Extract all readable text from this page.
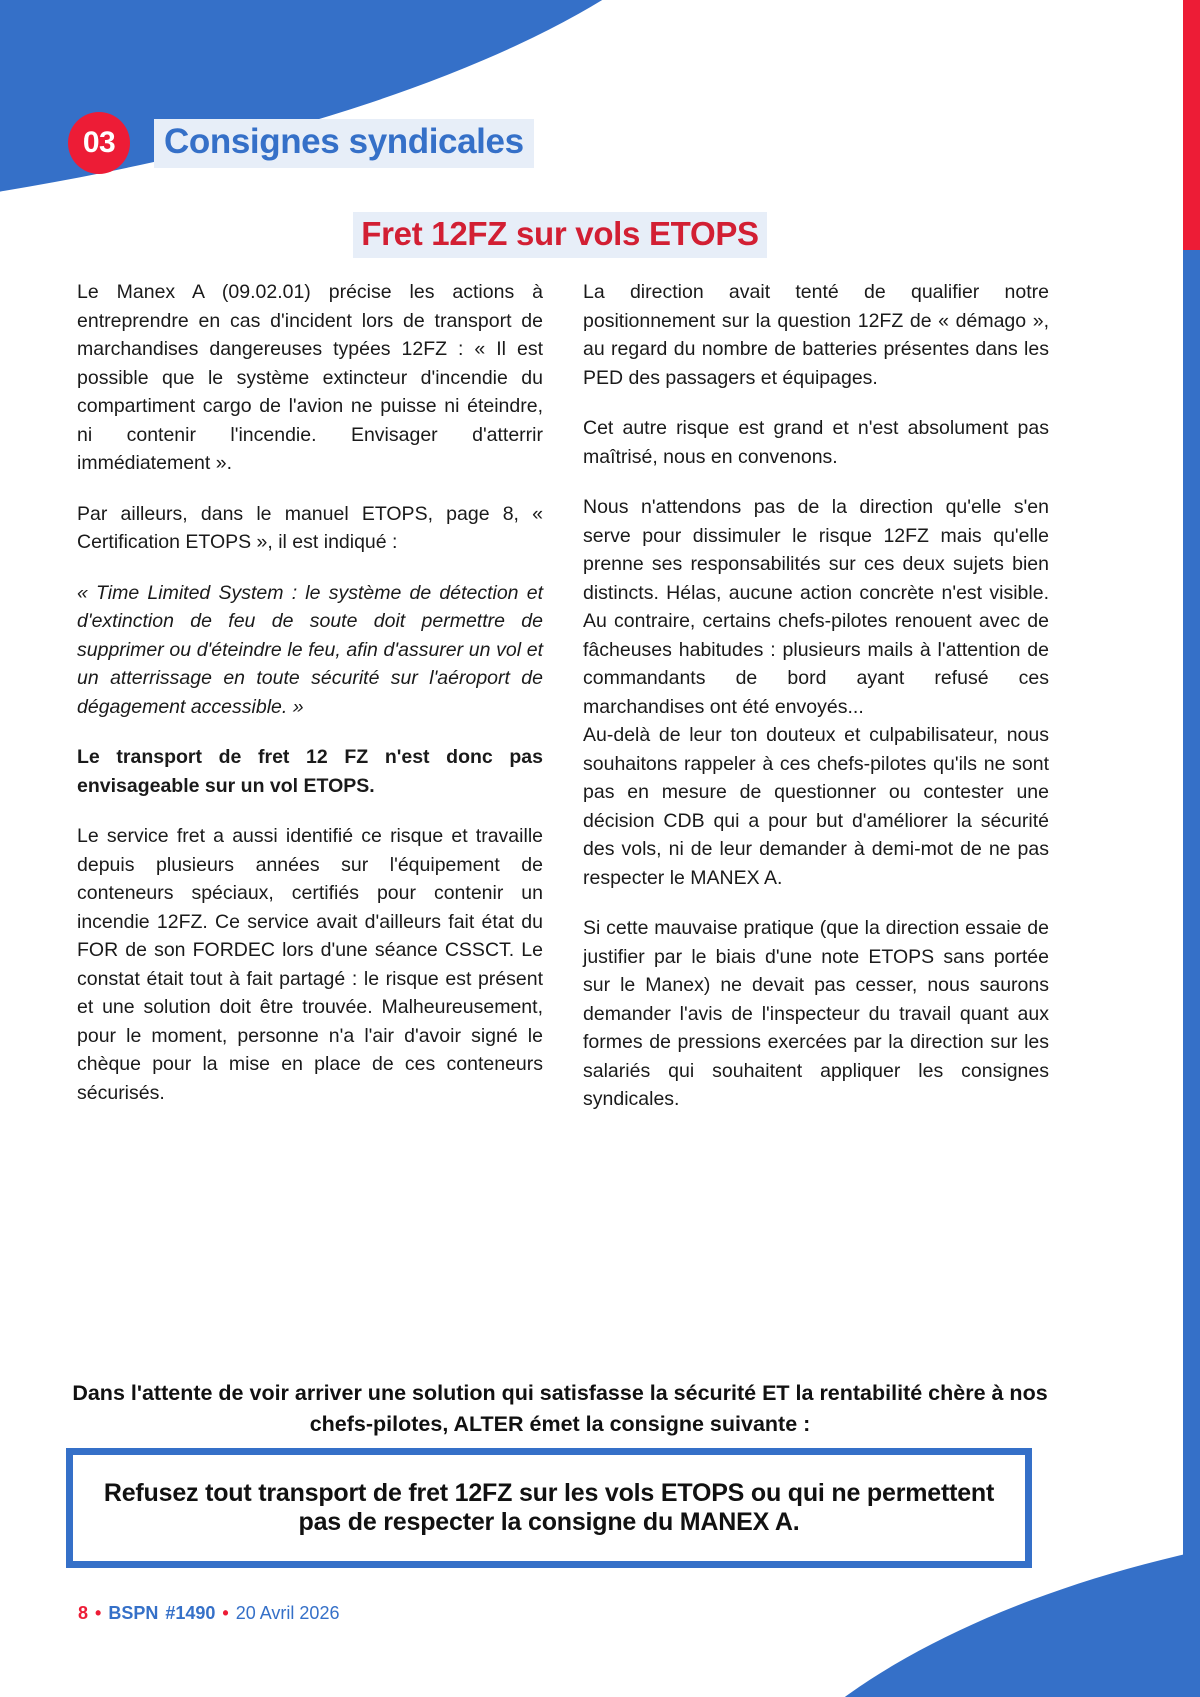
03	Consignes syndicales
Fret 12FZ sur vols ETOPS

Le Manex A (09.02.01) précise les actions à entreprendre en cas d'incident lors de transport de marchandises dangereuses typées 12FZ : « Il est possible que le système extincteur d'incendie du compartiment cargo de l'avion ne puisse ni éteindre, ni contenir l'incendie. Envisager d'atterrir immédiatement ».

Par ailleurs, dans le manuel ETOPS, page 8, « Certification ETOPS », il est indiqué :

« Time Limited System : le système de détection et d'extinction de feu de soute doit permettre de supprimer ou d'éteindre le feu, afin d'assurer un vol et un atterrissage en toute sécurité sur l'aéroport de dégagement accessible. »

Le transport de fret 12 FZ n'est donc pas envisageable sur un vol ETOPS.

Le service fret a aussi identifié ce risque et travaille depuis plusieurs années sur l'équipement de conteneurs spéciaux, certifiés pour contenir un incendie 12FZ. Ce service avait d'ailleurs fait état du FOR de son FORDEC lors d'une séance CSSCT. Le constat était tout à fait partagé : le risque est présent et une solution doit être trouvée. Malheureusement, pour le moment, personne n'a l'air d'avoir signé le chèque pour la mise en place de ces conteneurs sécurisés.

La direction avait tenté de qualifier notre positionnement sur la question 12FZ de « démago », au regard du nombre de batteries présentes dans les PED des passagers et équipages.

Cet autre risque est grand et n'est absolument pas maîtrisé, nous en convenons.

Nous n'attendons pas de la direction qu'elle s'en serve pour dissimuler le risque 12FZ mais qu'elle prenne ses responsabilités sur ces deux sujets bien distincts. Hélas, aucune action concrète n'est visible. Au contraire, certains chefs-pilotes renouent avec de fâcheuses habitudes : plusieurs mails à l'attention de commandants de bord ayant refusé ces marchandises ont été envoyés...

Au-delà de leur ton douteux et culpabilisateur, nous souhaitons rappeler à ces chefs-pilotes qu'ils ne sont pas en mesure de questionner ou contester une décision CDB qui a pour but d'améliorer la sécurité des vols, ni de leur demander à demi-mot de ne pas respecter le MANEX A.

Si cette mauvaise pratique (que la direction essaie de justifier par le biais d'une note ETOPS sans portée sur le Manex) ne devait pas cesser, nous saurons demander l'avis de l'inspecteur du travail quant aux formes de pressions exercées par la direction sur les salariés qui souhaitent appliquer les consignes syndicales.

Dans l'attente de voir arriver une solution qui satisfasse la sécurité ET la rentabilité chère à nos chefs-pilotes, ALTER émet la consigne suivante :
Refusez tout transport de fret 12FZ sur les vols ETOPS ou qui ne permettent pas de respecter la consigne du MANEX A.
8 • BSPN #1490 • 20 Avril 2026
